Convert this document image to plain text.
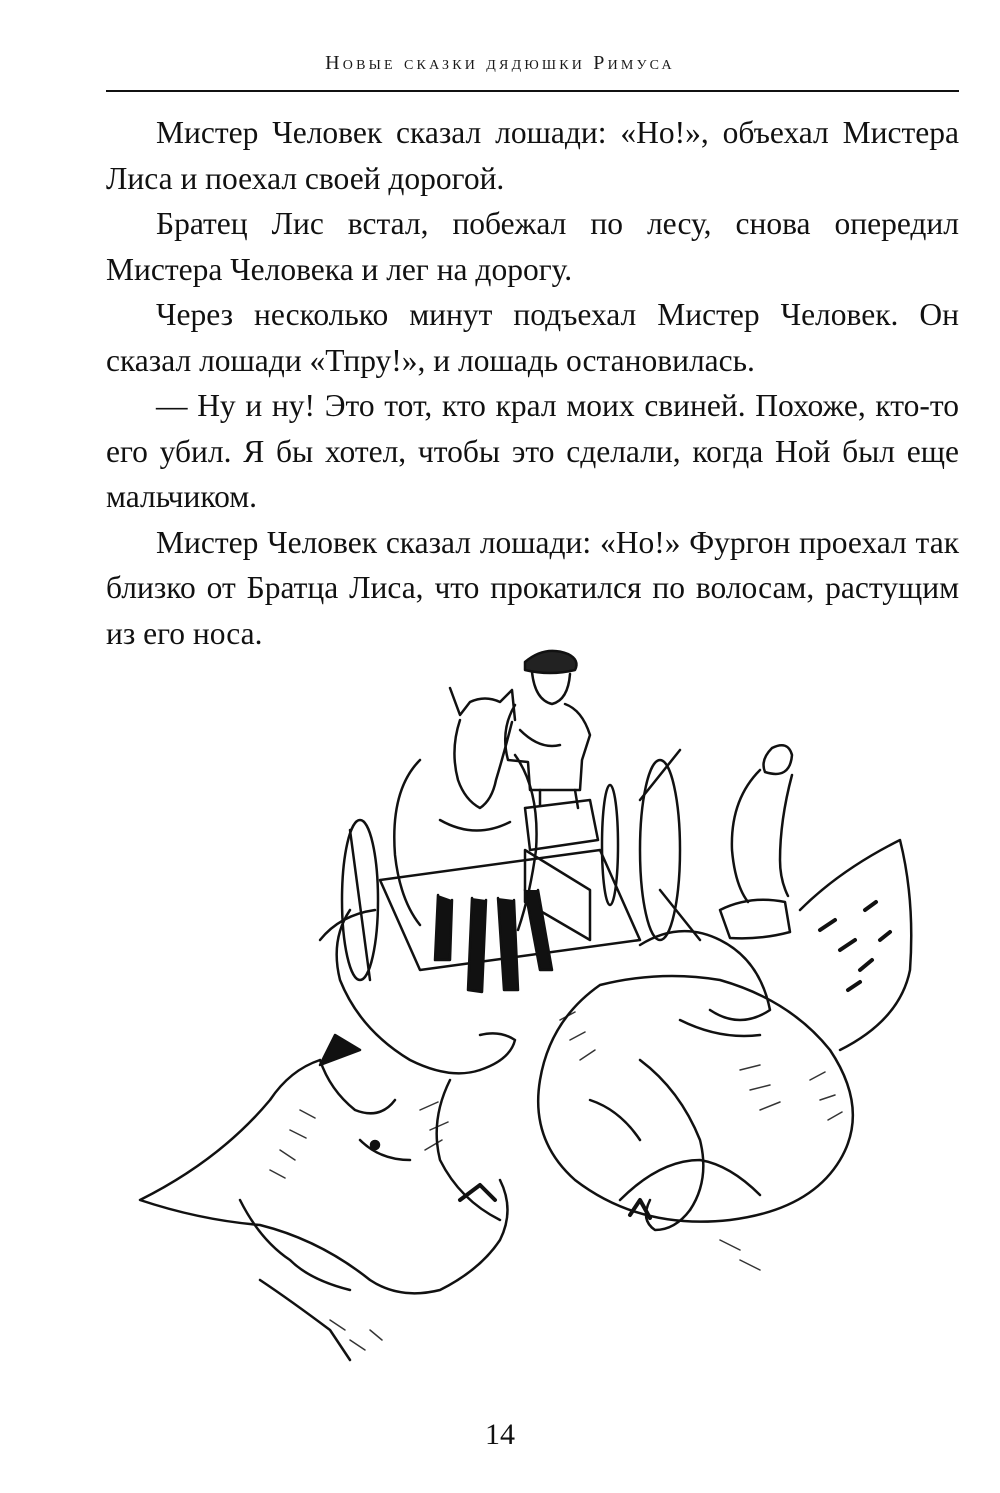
Новые сказки дядюшки Римуса

Мистер Человек сказал лошади: «Но!», объехал Мистера Лиса и поехал своей дорогой.

Братец Лис встал, побежал по лесу, снова опередил Мистера Человека и лег на дорогу.

Через несколько минут подъехал Мистер Человек. Он сказал лошади «Тпру!», и лошадь остановилась.

— Ну и ну! Это тот, кто крал моих свиней. Похоже, кто-то его убил. Я бы хотел, чтобы это сделали, когда Ной был еще мальчиком.

Мистер Человек сказал лошади: «Но!» Фургон проехал так близко от Братца Лиса, что прокатился по волосам, растущим из его носа.

14
